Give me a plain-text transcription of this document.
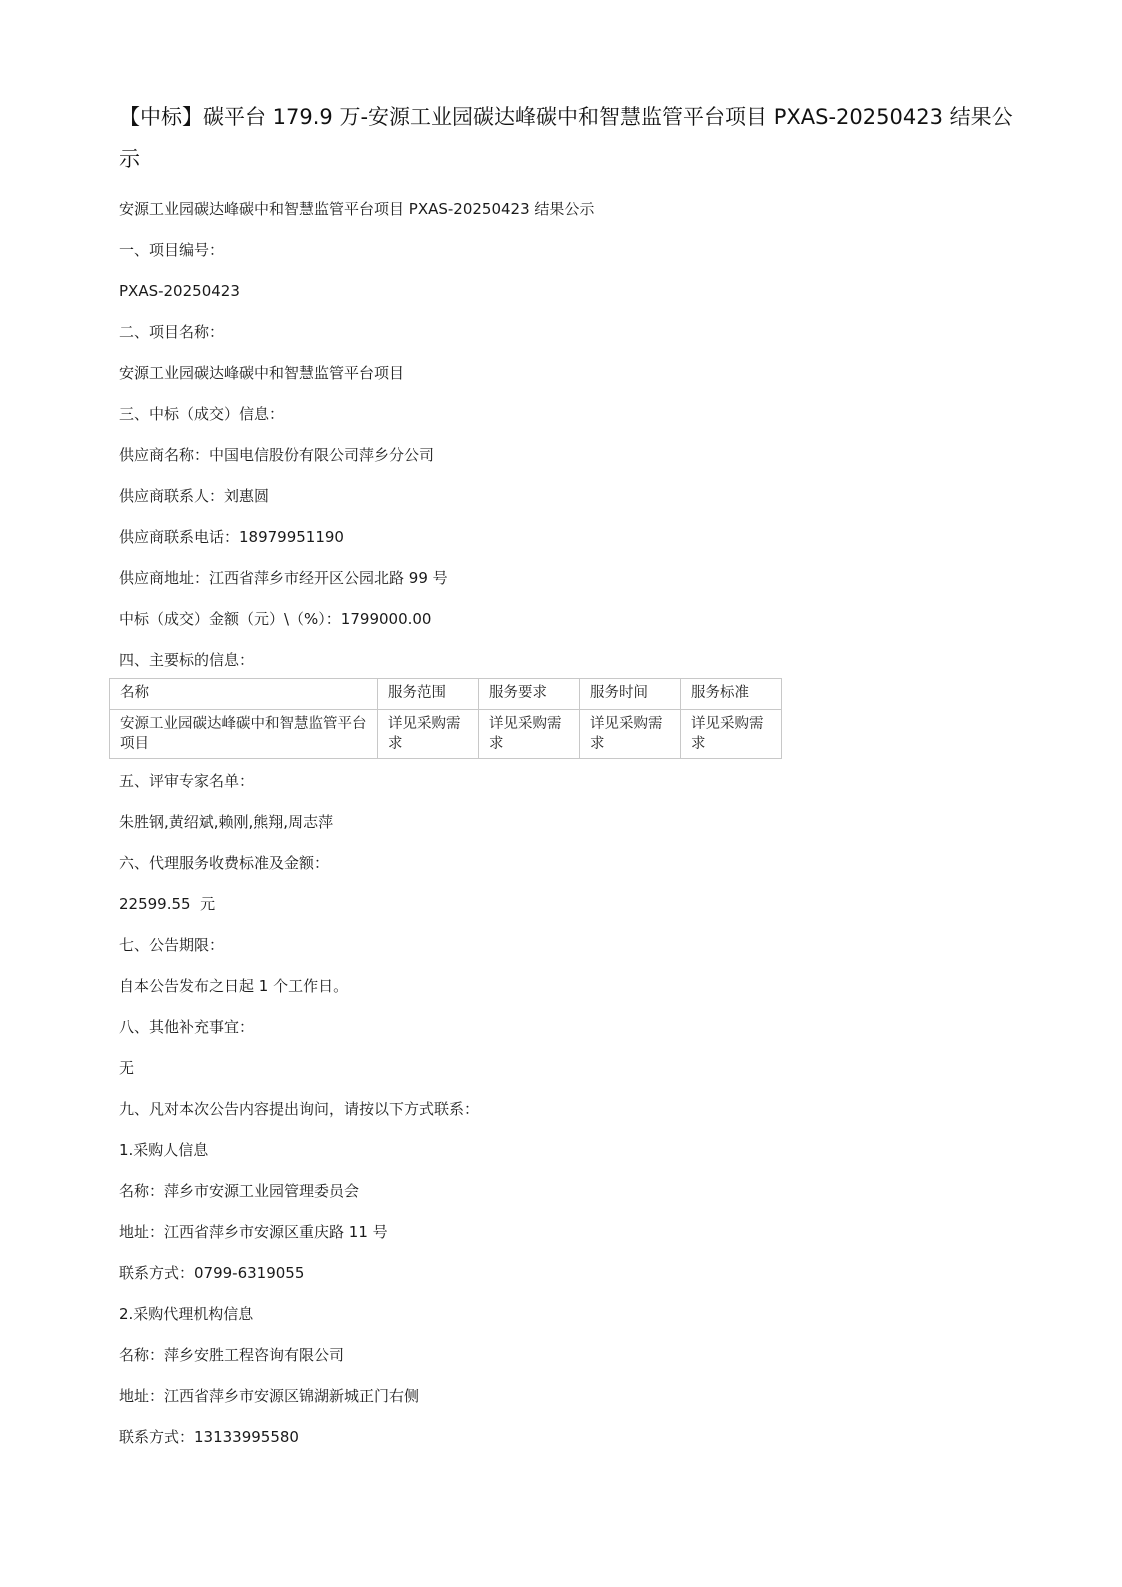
【中标】碳平台 179.9 万-安源工业园碳达峰碳中和智慧监管平台项目 PXAS-20250423 结果公示
安源工业园碳达峰碳中和智慧监管平台项目 PXAS-20250423 结果公示
一、项目编号：
PXAS-20250423
二、项目名称：
安源工业园碳达峰碳中和智慧监管平台项目
三、中标（成交）信息：
供应商名称：中国电信股份有限公司萍乡分公司
供应商联系人：刘惠圆
供应商联系电话：18979951190
供应商地址：江西省萍乡市经开区公园北路 99 号
中标（成交）金额（元）\（%）：1799000.00
四、主要标的信息：
名称	服务范围	服务要求	服务时间	服务标准
安源工业园碳达峰碳中和智慧监管平台项目	详见采购需求	详见采购需求	详见采购需求	详见采购需求
五、评审专家名单：
朱胜钢,黄绍斌,赖刚,熊翔,周志萍
六、代理服务收费标准及金额：
22599.55  元
七、公告期限：
自本公告发布之日起 1 个工作日。
八、其他补充事宜：
无
九、凡对本次公告内容提出询问，请按以下方式联系：
1.采购人信息
名称：萍乡市安源工业园管理委员会
地址：江西省萍乡市安源区重庆路 11 号
联系方式：0799-6319055
2.采购代理机构信息
名称：萍乡安胜工程咨询有限公司
地址：江西省萍乡市安源区锦湖新城正门右侧
联系方式：13133995580
